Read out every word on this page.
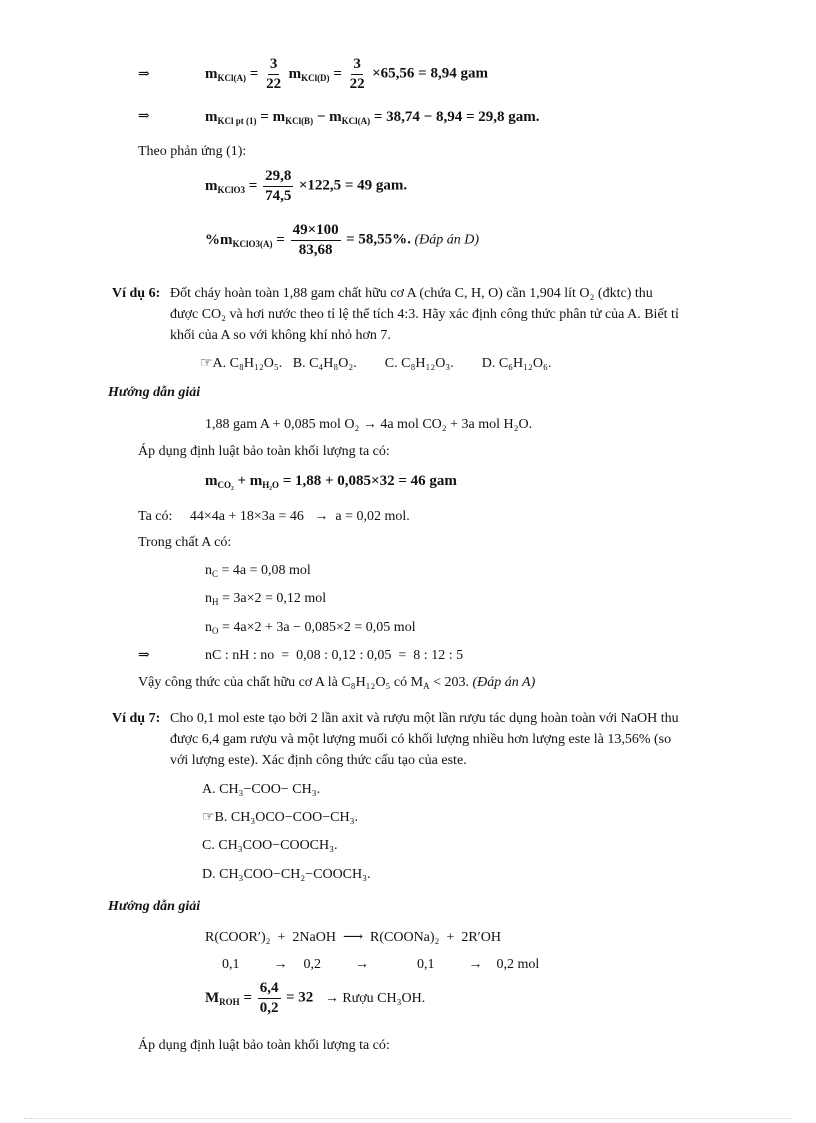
⇒	$m_{KCl(A)} = \frac{3}{22} m_{KCl(D)} = \frac{3}{22} \times 65,56 = 8,94$ gam
⇒	$m_{KCl pt (1)} = m_{KCl(B)} - m_{KCl(A)} = 38,74 - 8,94 = 29,8$ gam.
Theo phản ứng (1):
$m_{KClO3} = \frac{29,8}{74,5} \times 122,5 = 49$ gam.
$\%m_{KClO3(A)} = \frac{49\times 100}{83,68} = 58,55\%$. (Đáp án D)
Ví dụ 6: Đốt cháy hoàn toàn 1,88 gam chất hữu cơ A (chứa C, H, O) cần 1,904 lít O₂ (đktc) thu
được CO₂ và hơi nước theo tỉ lệ thể tích 4:3. Hãy xác định công thức phân tử của A. Biết tỉ
khối của A so với không khí nhỏ hơn 7.
☞A. C₈H₁₂O₅.   B. C₄H₈O₂.        C. C₈H₁₂O₃.        D. C₆H₁₂O₆.
Hướng dẫn giải
1,88 gam A + 0,085 mol O₂ → 4a mol CO₂ + 3a mol H₂O.
Áp dụng định luật bảo toàn khối lượng ta có:
$m_{CO_2} + m_{H_2O} = 1,88 + 0,085\times 32 = 46$ gam
Ta có:     44×4a + 18×3a = 46   →  a = 0,02 mol.
Trong chất A có:
$n_C = 4a = 0,08$ mol
$n_H = 3a\times 2 = 0,12$ mol
$n_O = 4a\times 2 + 3a - 0,085\times 2 = 0,05$ mol
⇒	nC : nH : no  =  0,08 : 0,12 : 0,05  =  8 : 12 : 5
Vậy công thức của chất hữu cơ A là C₈H₁₂O₅ có $M_A < 203$. (Đáp án A)
Ví dụ 7: Cho 0,1 mol este tạo bởi 2 lần axit và rượu một lần rượu tác dụng hoàn toàn với NaOH thu
được 6,4 gam rượu và một lượng muối có khối lượng nhiều hơn lượng este là 13,56% (so
với lượng este). Xác định công thức cấu tạo của este.
A. CH₃−COO− CH₃.
☞B. CH₃OCO−COO−CH₃.
C. CH₃COO−COOCH₃.
D. CH₃COO−CH₂−COOCH₃.
Hướng dẫn giải
R(COOR′)₂  +  2NaOH  ⟶  R(COONa)₂  +  2R′OH
0,1 → 0,2 →	0,1 → 0,2 mol
$M_{ROH} = \frac{6,4}{0,2} = 32$ → Rượu CH₃OH.
Áp dụng định luật bảo toàn khối lượng ta có:
